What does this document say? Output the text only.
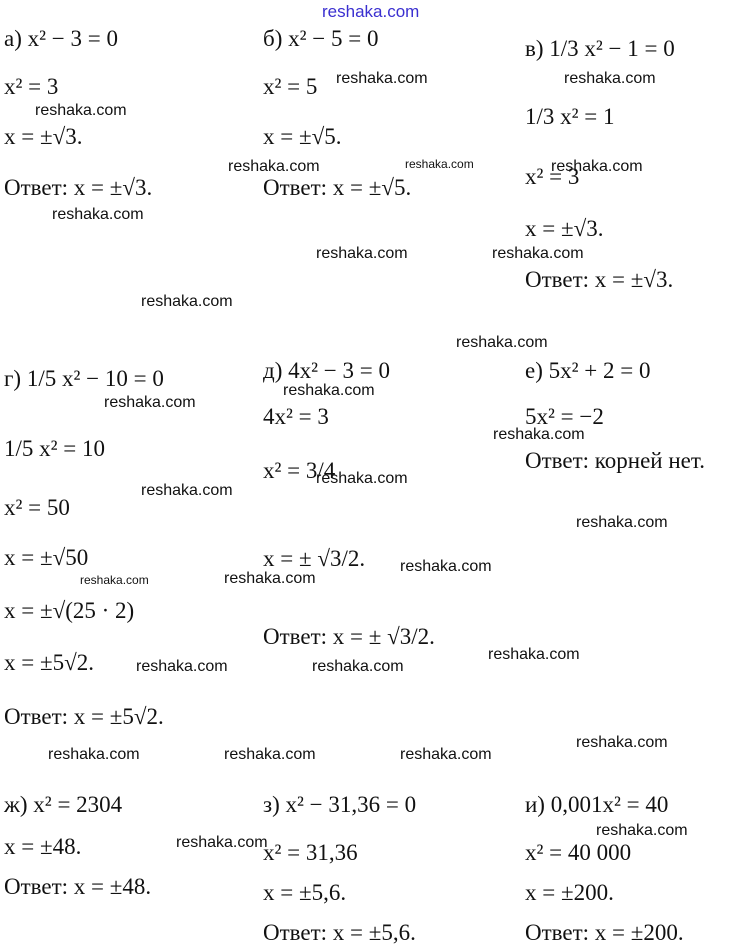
reshaka.com
а) x² − 3 = 0
x² = 3
x = ±√3.
Ответ: x = ±√3.
б) x² − 5 = 0
x² = 5
x = ±√5.
Ответ: x = ±√5.
в) 1/3 x² − 1 = 0
1/3 x² = 1
x² = 3
x = ±√3.
Ответ: x = ±√3.
г) 1/5 x² − 10 = 0
1/5 x² = 10
x² = 50
x = ±√50
x = ±√(25 · 2)
x = ±5√2.
Ответ: x = ±5√2.
д) 4x² − 3 = 0
4x² = 3
x² = 3/4
x = ± √3/2.
Ответ: x = ± √3/2.
е) 5x² + 2 = 0
5x² = −2
Ответ: корней нет.
ж) x² = 2304
x = ±48.
Ответ: x = ±48.
з) x² − 31,36 = 0
x² = 31,36
x = ±5,6.
Ответ: x = ±5,6.
и) 0,001x² = 40
x² = 40 000
x = ±200.
Ответ: x = ±200.
reshaka.com	reshaka.com
reshaka.com
reshaka.com	reshaka.com	reshaka.com
reshaka.com
reshaka.com	reshaka.com
reshaka.com
reshaka.com
reshaka.com
reshaka.com
reshaka.com
reshaka.com
reshaka.com
reshaka.com
reshaka.com
reshaka.com
reshaka.com
reshaka.com
reshaka.com	reshaka.com
reshaka.com
reshaka.com	reshaka.com	reshaka.com
reshaka.com
reshaka.com
